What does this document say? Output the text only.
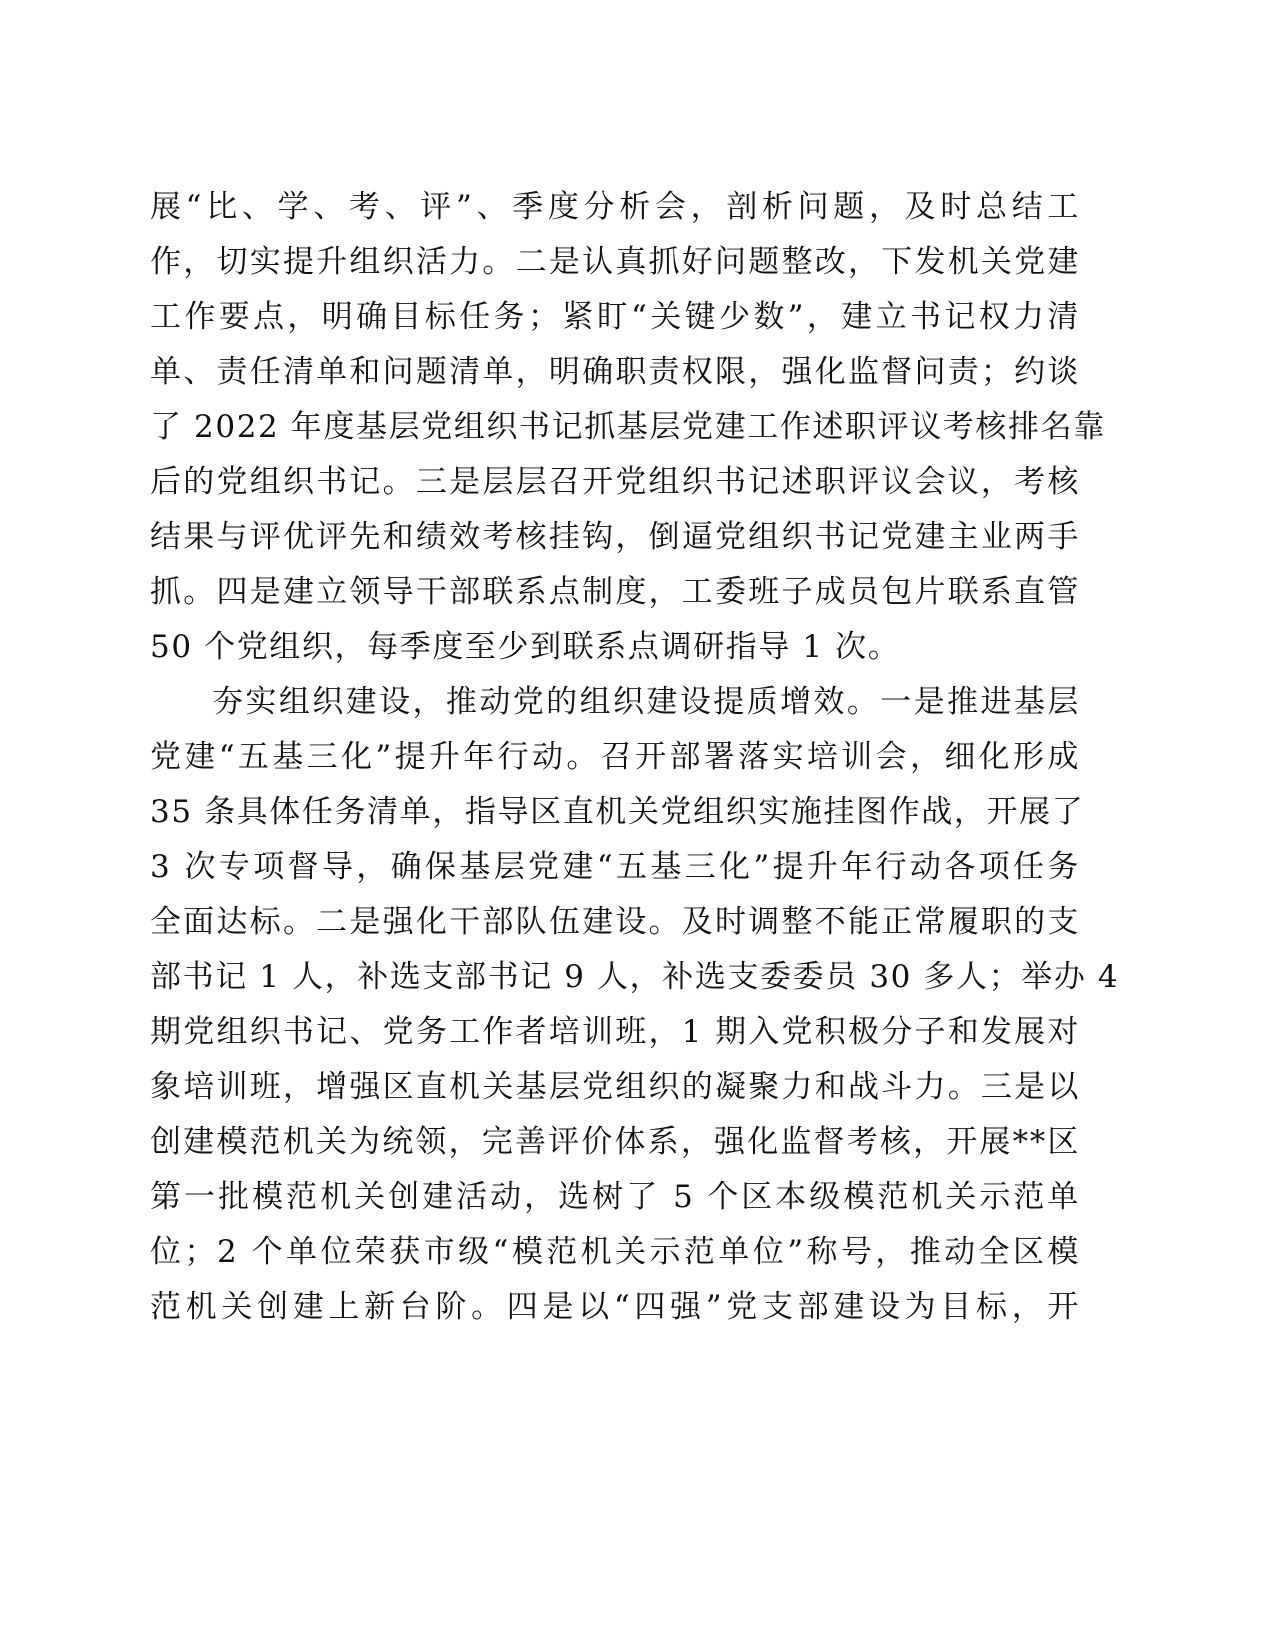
展“比、学、考、评”、季度分析会，剖析问题，及时总结工
作，切实提升组织活力。二是认真抓好问题整改，下发机关党建
工作要点，明确目标任务；紧盯“关键少数”，建立书记权力清
单、责任清单和问题清单，明确职责权限，强化监督问责；约谈
了 2022 年度基层党组织书记抓基层党建工作述职评议考核排名靠
后的党组织书记。三是层层召开党组织书记述职评议会议，考核
结果与评优评先和绩效考核挂钩，倒逼党组织书记党建主业两手
抓。四是建立领导干部联系点制度，工委班子成员包片联系直管
50 个党组织，每季度至少到联系点调研指导 1 次。
夯实组织建设，推动党的组织建设提质增效。一是推进基层
党建“五基三化”提升年行动。召开部署落实培训会，细化形成
35 条具体任务清单，指导区直机关党组织实施挂图作战，开展了
3 次专项督导，确保基层党建“五基三化”提升年行动各项任务
全面达标。二是强化干部队伍建设。及时调整不能正常履职的支
部书记 1 人，补选支部书记 9 人，补选支委委员 30 多人；举办 4
期党组织书记、党务工作者培训班，1 期入党积极分子和发展对
象培训班，增强区直机关基层党组织的凝聚力和战斗力。三是以
创建模范机关为统领，完善评价体系，强化监督考核，开展**区
第一批模范机关创建活动，选树了 5 个区本级模范机关示范单
位；2 个单位荣获市级“模范机关示范单位”称号，推动全区模
范机关创建上新台阶。四是以“四强”党支部建设为目标，开
